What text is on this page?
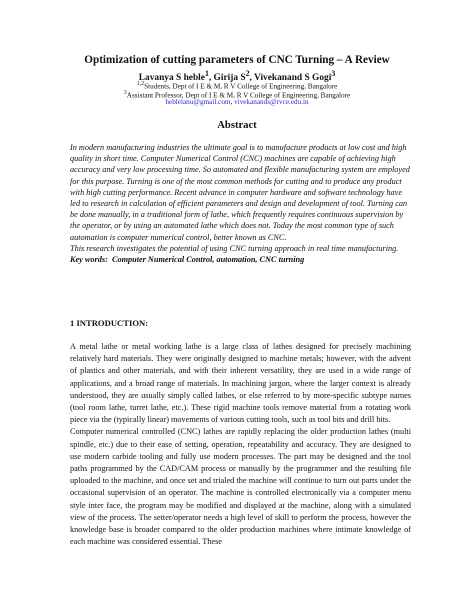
Optimization of cutting parameters of CNC Turning – A Review
Lavanya S heble$^1$, Girija $S^2$, Vivekanand S Gogi$^3$
$^{1,2}$Students, Dept of I E & M, R V College of Engineering, Bangalore
$^3$Assistant Professor, Dept of I E & M, R V College of Engineering, Bangalore
heblelanu@gmail.com, vivekanands@rvce.edu.in
Abstract

In modern manufacturing industries the ultimate goal is to manufacture products at low cost and high quality in short time. Computer Numerical Control (CNC) machines are capable of achieving high accuracy and very low processing time. So automated and flexible manufacturing system are employed for this purpose. Turning is one of the most common methods for cutting and to produce any product with high cutting performance. Recent advance in computer hardware and software technology have led to research in calculation of efficient parameters and design and development of tool. Turning can be done manually, in a traditional form of lathe, which frequently requires continuous supervision by the operator, or by using an automated lathe which does not. Today the most common type of such automation is computer numerical control, better known as CNC.

This research investigates the potential of using CNC turning approach in real time manufacturing.

Key words: Computer Numerical Control, automation, CNC turning

1 INTRODUCTION:

A metal lathe or metal working lathe is a large class of lathes designed for precisely machining relatively hard materials. They were originally designed to machine metals; however, with the advent of plastics and other materials, and with their inherent versatility, they are used in a wide range of applications, and a broad range of materials. In machining jargon, where the larger context is already understood, they are usually simply called lathes, or else referred to by more-specific subtype names (tool room lathe, turret lathe, etc.). These rigid machine tools remove material from a rotating work piece via the (typically linear) movements of various cutting tools, such as tool bits and drill bits.

Computer numerical controlled (CNC) lathes are rapidly replacing the older production lathes (multi spindle, etc.) due to their ease of setting, operation, repeatability and accuracy. They are designed to use modern carbide tooling and fully use modern processes. The part may be designed and the tool paths programmed by the CAD/CAM process or manually by the programmer and the resulting file uploaded to the machine, and once set and trialed the machine will continue to turn out parts under the occasional supervision of an operator. The machine is controlled electronically via a computer menu style inter face, the program may be modified and displayed at the machine, along with a simulated view of the process. The setter/operator needs a high level of skill to perform the process, however the knowledge base is broader compared to the older production machines where intimate knowledge of each machine was considered essential. These
